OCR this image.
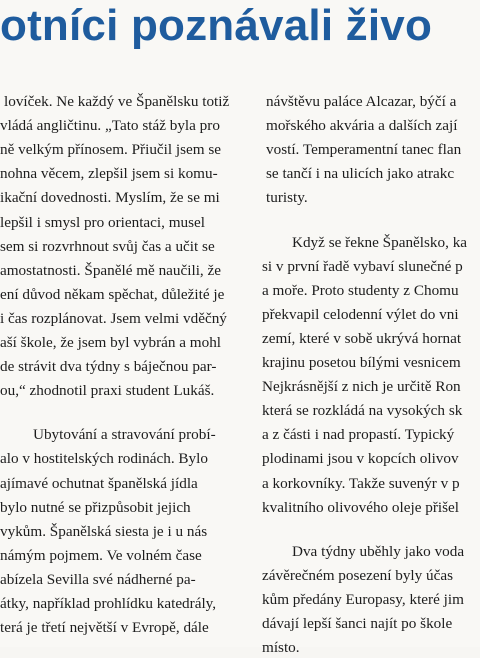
otníci poznávali živo
lovíček. Ne každý ve Španělsku totiž
vládá angličtinu. „Tato stáž byla pro
ně velkým přínosem. Přiučil jsem se
nohna věcem, zlepšil jsem si komu-
ikační dovednosti. Myslím, že se mi
lepšil i smysl pro orientaci, musel
sem si rozvrhnout svůj čas a učit se
amostatnosti. Španělé mě naučili, že
ení důvod někam spěchat, důležité je
i čas rozplánovat. Jsem velmi vděčný
aší škole, že jsem byl vybrán a mohl
de strávit dva týdny s báječnou par-
ou,“ zhodnotil praxi student Lukáš.
Ubytování a stravování probí-
alo v hostitelských rodinách. Bylo
ajímavé ochutnat španělská jídla
bylo nutné se přizpůsobit jejich
vykům. Španělská siesta je i u nás
námým pojmem. Ve volném čase
abízela Sevilla své nádherné pa-
átky, například prohlídku katedrály,
terá je třetí největší v Evropě, dále
návštěvu paláce Alcazar, býčí a
mořského akvária a dalších zají
vostí. Temperamentní tanec flan
se tančí i na ulicích jako atrakc
turisty.
Když se řekne Španělsko, ka
si v první řadě vybaví slunečné p
a moře. Proto studenty z Chomu
překvapil celodenní výlet do vni
zemí, které v sobě ukrývá hornat
krajinu posetou bílými vesnicem
Nejkrásnější z nich je určitě Ron
která se rozkládá na vysokých sk
a z části i nad propastí. Typický
plodinami jsou v kopcích olivov
a korkovníky. Takže suvenýr v p
kvalitního olivového oleje přišel
Dva týdny uběhly jako voda
závěrečném posezení byly účas
kům předány Europasy, které jim
dávají lepší šanci najít po škole
místo.
